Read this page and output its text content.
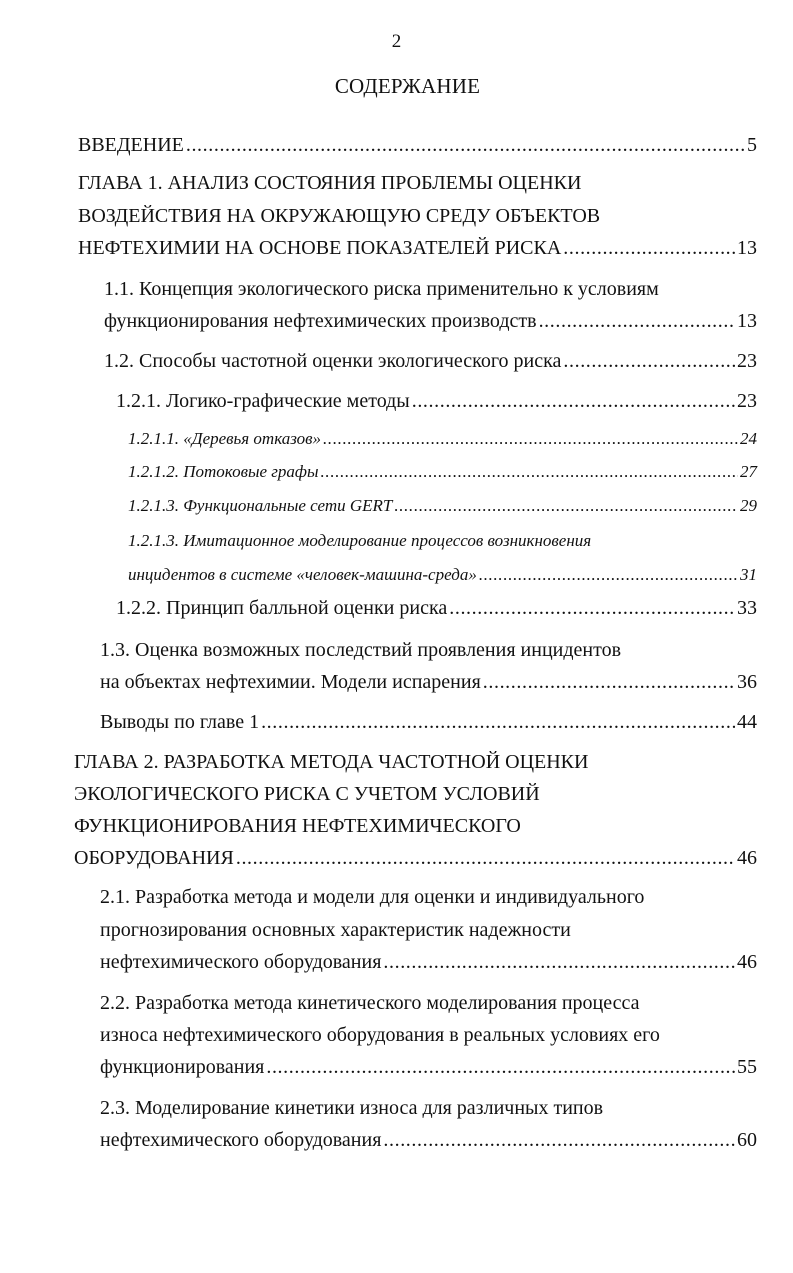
2
СОДЕРЖАНИЕ
ВВЕДЕНИЕ . . .	5
ГЛАВА 1. АНАЛИЗ СОСТОЯНИЯ ПРОБЛЕМЫ ОЦЕНКИ
ВОЗДЕЙСТВИЯ НА ОКРУЖАЮЩУЮ СРЕДУ ОБЪЕКТОВ
НЕФТЕХИМИИ НА ОСНОВЕ ПОКАЗАТЕЛЕЙ РИСКА . . .	13
1.1. Концепция экологического риска применительно к условиям
функционирования нефтехимических производств . . .	13
1.2. Способы частотной оценки экологического риска . . .	23
1.2.1. Логико-графические методы . . .	23
1.2.1.1. «Деревья отказов» . . .	24
1.2.1.2. Потоковые графы . . .	27
1.2.1.3. Функциональные сети GERT . . .	29
1.2.1.3. Имитационное моделирование процессов возникновения
инцидентов в системе «человек-машина-среда» . . .	31
1.2.2. Принцип балльной оценки риска . . .	33
1.3. Оценка возможных последствий проявления инцидентов
на объектах нефтехимии. Модели испарения . . .	36
Выводы по главе 1 . . .	44
ГЛАВА 2. РАЗРАБОТКА МЕТОДА ЧАСТОТНОЙ ОЦЕНКИ
ЭКОЛОГИЧЕСКОГО РИСКА С УЧЕТОМ УСЛОВИЙ
ФУНКЦИОНИРОВАНИЯ НЕФТЕХИМИЧЕСКОГО
ОБОРУДОВАНИЯ . . .	46
2.1. Разработка метода и модели для оценки и индивидуального
прогнозирования основных характеристик надежности
нефтехимического оборудования . . .	46
2.2. Разработка метода кинетического моделирования процесса
износа нефтехимического оборудования в реальных условиях его
функционирования . . .	55
2.3. Моделирование кинетики износа для различных типов
нефтехимического оборудования . . .	60
